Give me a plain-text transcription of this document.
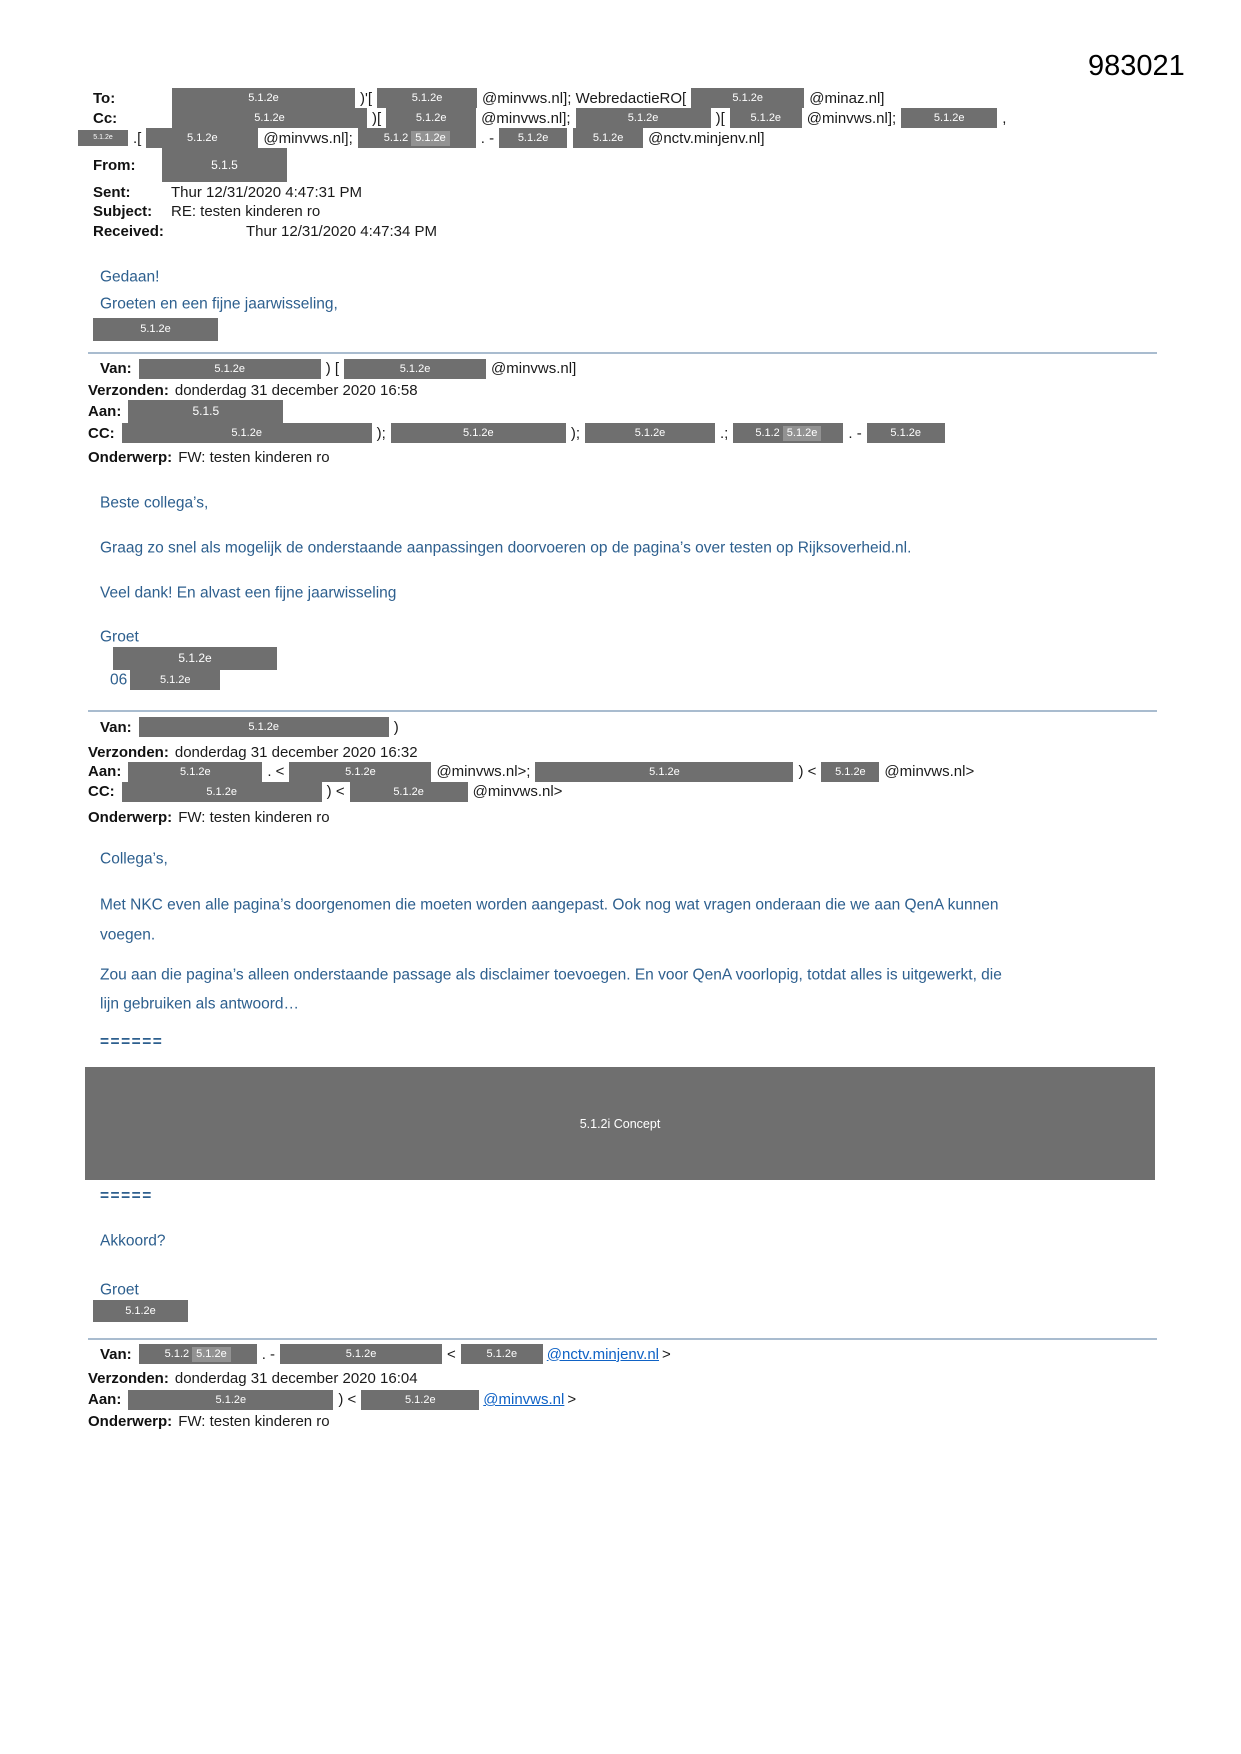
983021
To:	5.1.2e	)'[	5.1.2e	@minvws.nl]; WebredactieRO[	5.1.2e	@minaz.nl]
Cc:	5.1.2e	)[	5.1.2e @minvws.nl];	5.1.2e	)[ 5.1.2e @minvws.nl];	5.1.2e	,
5.1.2e .[	5.1.2e	@minvws.nl];	5.1.2 5.1.2e . - 5.1.2e	5.1.2e @nctv.minjenv.nl]
From:	5.1.5
Sent:	Thur 12/31/2020 4:47:31 PM
Subject: RE: testen kinderen ro
Received:	Thur 12/31/2020 4:47:34 PM
Gedaan!
Groeten en een fijne jaarwisseling,
5.1.2e
Van:	5.1.2e	) [	5.1.2e	@minvws.nl]
Verzonden: donderdag 31 december 2020 16:58
Aan:	5.1.5
CC:	5.1.2e	);	5.1.2e	);	5.1.2e	.; 5.1.2 5.1.2e . -	5.1.2e
Onderwerp: FW: testen kinderen ro
Beste collega’s,
Graag zo snel als mogelijk de onderstaande aanpassingen doorvoeren op de pagina’s over testen op Rijksoverheid.nl.
Veel dank! En alvast een fijne jaarwisseling
Groet
5.1.2e
06	5.1.2e
Van:	5.1.2e	)
Verzonden: donderdag 31 december 2020 16:32
Aan:	5.1.2e	. <	5.1.2e	@minvws.nl>;	5.1.2e	) < 5.1.2e @minvws.nl>
CC:	5.1.2e	) <	5.1.2e	@minvws.nl>
Onderwerp: FW: testen kinderen ro
Collega’s,
Met NKC even alle pagina’s doorgenomen die moeten worden aangepast. Ook nog wat vragen onderaan die we aan QenA kunnen
voegen.
Zou aan die pagina’s alleen onderstaande passage als disclaimer toevoegen. En voor QenA voorlopig, totdat alles is uitgewerkt, die
lijn gebruiken als antwoord…
======
5.1.2i Concept
=====
Akkoord?
Groet
5.1.2e
Van:	5.1.2 5.1.2e . -	5.1.2e	<	5.1.2e @nctv.minjenv.nl >
Verzonden: donderdag 31 december 2020 16:04
Aan:	5.1.2e	) <	5.1.2e	@minvws.nl >
Onderwerp: FW: testen kinderen ro
